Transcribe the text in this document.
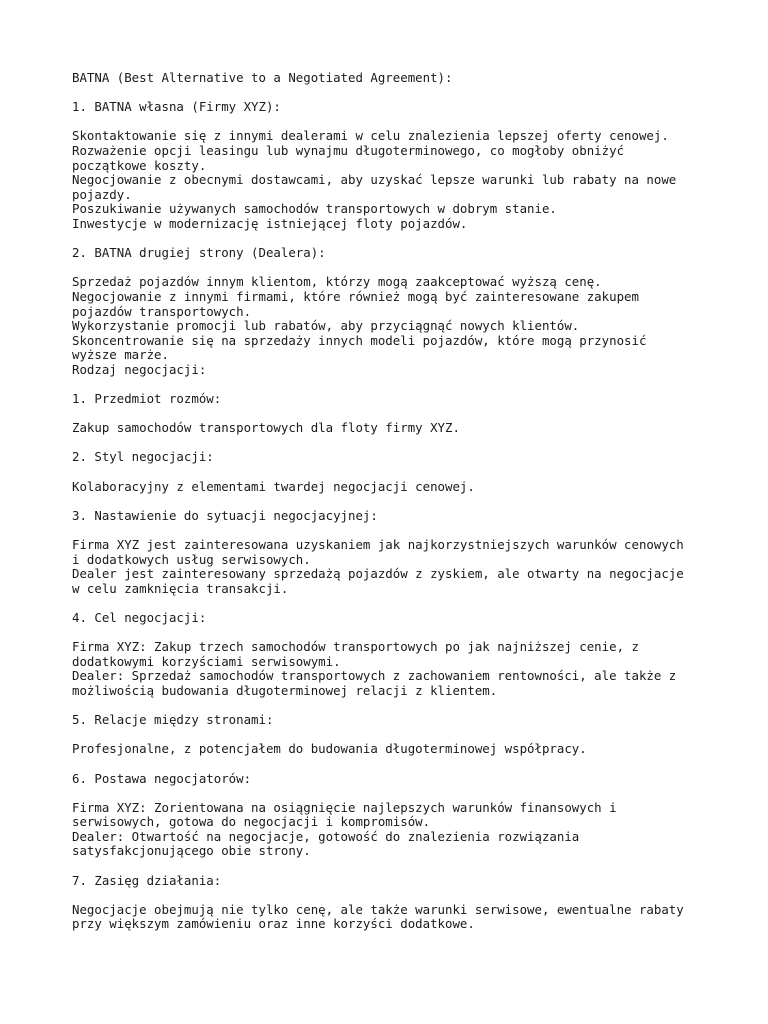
BATNA (Best Alternative to a Negotiated Agreement):
1. BATNA własna (Firmy XYZ):
Skontaktowanie się z innymi dealerami w celu znalezienia lepszej oferty cenowej.
Rozważenie opcji leasingu lub wynajmu długoterminowego, co mogłoby obniżyć
początkowe koszty.
Negocjowanie z obecnymi dostawcami, aby uzyskać lepsze warunki lub rabaty na nowe
pojazdy.
Poszukiwanie używanych samochodów transportowych w dobrym stanie.
Inwestycje w modernizację istniejącej floty pojazdów.
2. BATNA drugiej strony (Dealera):
Sprzedaż pojazdów innym klientom, którzy mogą zaakceptować wyższą cenę.
Negocjowanie z innymi firmami, które również mogą być zainteresowane zakupem
pojazdów transportowych.
Wykorzystanie promocji lub rabatów, aby przyciągnąć nowych klientów.
Skoncentrowanie się na sprzedaży innych modeli pojazdów, które mogą przynosić
wyższe marże.
Rodzaj negocjacji:
1. Przedmiot rozmów:
Zakup samochodów transportowych dla floty firmy XYZ.
2. Styl negocjacji:
Kolaboracyjny z elementami twardej negocjacji cenowej.
3. Nastawienie do sytuacji negocjacyjnej:
Firma XYZ jest zainteresowana uzyskaniem jak najkorzystniejszych warunków cenowych
i dodatkowych usług serwisowych.
Dealer jest zainteresowany sprzedażą pojazdów z zyskiem, ale otwarty na negocjacje
w celu zamknięcia transakcji.
4. Cel negocjacji:
Firma XYZ: Zakup trzech samochodów transportowych po jak najniższej cenie, z
dodatkowymi korzyściami serwisowymi.
Dealer: Sprzedaż samochodów transportowych z zachowaniem rentowności, ale także z
możliwością budowania długoterminowej relacji z klientem.
5. Relacje między stronami:
Profesjonalne, z potencjałem do budowania długoterminowej współpracy.
6. Postawa negocjatorów:
Firma XYZ: Zorientowana na osiągnięcie najlepszych warunków finansowych i
serwisowych, gotowa do negocjacji i kompromisów.
Dealer: Otwartość na negocjacje, gotowość do znalezienia rozwiązania
satysfakcjonującego obie strony.
7. Zasięg działania:
Negocjacje obejmują nie tylko cenę, ale także warunki serwisowe, ewentualne rabaty
przy większym zamówieniu oraz inne korzyści dodatkowe.
